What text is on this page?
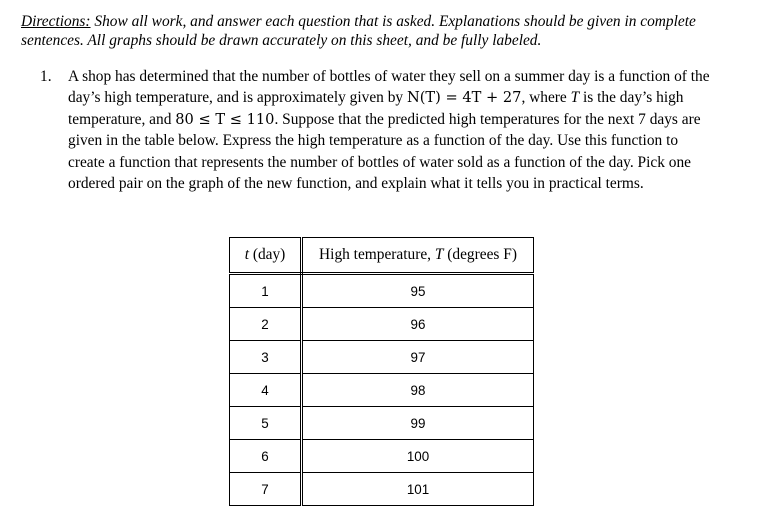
Directions: Show all work, and answer each question that is asked. Explanations should be given in complete
sentences. All graphs should be drawn accurately on this sheet, and be fully labeled.
1. A shop has determined that the number of bottles of water they sell on a summer day is a function of the
day’s high temperature, and is approximately given by N(T) = 4T + 27, where T is the day’s high
temperature, and 80 ≤ T ≤ 110. Suppose that the predicted high temperatures for the next 7 days are
given in the table below. Express the high temperature as a function of the day. Use this function to
create a function that represents the number of bottles of water sold as a function of the day. Pick one
ordered pair on the graph of the new function, and explain what it tells you in practical terms.
t (day)	High temperature, T (degrees F)
1	95
2	96
3	97
4	98
5	99
6	100
7	101
